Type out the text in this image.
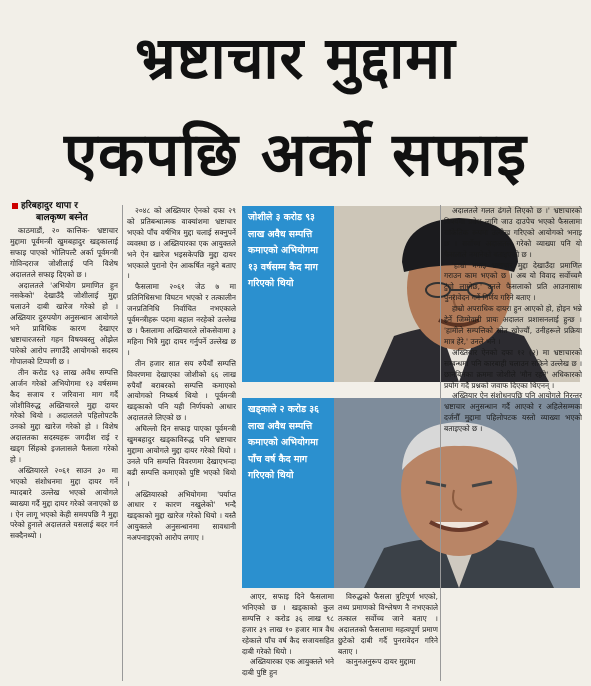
भ्रष्टाचार मुद्दामा
एकपछि अर्को सफाइ
हरिबहादुर थापा र
बालकृष्ण बस्नेत

काठमाडौं, २० कात्तिक- भ्रष्टाचार मुद्दामा पूर्वमन्त्री खुमबहादुर खड्कालाई सफाइ पाएको भोलिपल्टै अर्का पूर्वमन्त्री गोविन्दराज जोशीलाई पनि विशेष अदालतले सफाइ दिएको छ ।

अदालतले 'अभियोग प्रमाणित हुन नसकेको' देखाउँदै जोशीलाई मुद्दा चलाउने दाबी खारेज गरेको हो । अख्तियार दुरुपयोग अनुसन्धान आयोगले भने प्राविधिक कारण देखाएर भ्रष्टाचारजस्तो गहन विषयबस्तु ओझेल पारेको आरोप लगाउँदै आयोगको सदस्य गोपालको टिप्पणी छ ।

तीन करोड ९३ लाख अवैध सम्पत्ति आर्जन गरेको अभियोगमा १३ वर्षसम्म कैद सजाय र जरिवाना माग गर्दै जोशीविरुद्ध अख्तियारले मुद्दा दायर गरेको थियो । अदालतले पहिलोपटकै उनको मुद्दा खारेज गरेको हो । विशेष अदालतका सदस्यहरू जगदीश राई र खड्ग सिंहको इजलासले फैसला गरेको हो ।

अख्तियारले २०६१ साउन ३० मा भएको संशोधनमा मुद्दा दायर गर्ने म्यादबारे उल्लेख भएको आयोगले ब्याख्या गर्दै मुद्दा दायर गरेको जनाएको छ । ऐन लागू भएको केही समयपछि नै मुद्दा परेको हुनाले अदालतले यसलाई बदर गर्न सक्दैनथ्यो ।

२०४८ को अख्तियार ऐनको दफा २९ को प्रतिबन्धात्मक वाक्यांशमा भ्रष्टाचार भएको पाँच वर्षभित्र मुद्दा चलाई सक्नुपर्ने व्यवस्था छ । अख्तियारका एक आयुक्तले भने ऐन खारेज भइसकेपछि मुद्दा दायर भएकाले पुरानो ऐन आकर्षित नहुने बताए ।

फैसलामा २०६१ जेठ ७ मा प्रतिनिधिसभा विघटन भएको र तत्कालीन जनप्रतिनिधि निर्वाचित नभएकाले पूर्वमन्त्रीहरू पदमा बहाल नरहेको उल्लेख छ । फैसलामा अख्तियारले लोकसेवामा ३ महिना भित्रै मुद्दा दायर गर्नुपर्ने उल्लेख छ ।

तीन हजार सात सय रुपैयाँ सम्पत्ति विवरणमा देखाएका जोशीको ६६ लाख रुपैयाँ बराबरको सम्पत्ति कमाएको आयोगको निष्कर्ष थियो । पूर्वमन्त्री खड्काको पनि यही निर्णयको आधार अदालतले लिएको छ ।

अघिल्लो दिन सफाइ पाएका पूर्वमन्त्री खुमबहादुर खड्काविरुद्ध पनि भ्रष्टाचार मुद्दामा आयोगले मुद्दा दायर गरेको थियो । उनले पनि सम्पत्ति विवरणमा देखाएभन्दा बढी सम्पत्ति कमाएको पुष्टि भएको थियो ।

अख्तियारको अभियोगमा 'पर्याप्त आधार र कारण नखुलेको' भन्दै खड्काको मुद्दा खारेज गरेको थियो । यस्तै आयुक्तले अनुसन्धानमा सावधानी नअपनाइएको आरोप लगाए ।

जोशीले ३ करोड ९३ लाख अवैध सम्पत्ति कमाएको अभियोगमा १३ वर्षसम्म कैद माग गरिएको थियो
खड्काले २ करोड ३६ लाख अवैध सम्पत्ति कमाएको अभियोगमा पाँच वर्ष कैद माग गरिएको थियो

आएर, सफाइ दिने फैसलामा भनिएको छ । खड्काको कुल सम्पत्ति २ करोड ३६ लाख ९८ हजार ३९ लाख १० हजार मात्र वैध रहेकाले पाँच वर्ष कैद सजायसहित दाबी गरेको थियो ।

अख्तियारका एक आयुक्तले भने दाबी पुष्टि हुन

विरुद्धको फैसला त्रुटिपूर्ण भएको, तथ्य प्रमाणको विश्लेषण नै नभएकाले तत्काल सर्वोच्च जाने बताए । अदालतको फैसलामा महत्वपूर्ण प्रमाण छुटेको दाबी गर्दै पुनरावेदन गरिने बताए ।

कानुनअनुरूप दायर मुद्दामा

अदालतले गलत ढंगले लिएको छ ।' भ्रष्टाचारको विषयमा प्रवेश लागि जाउ दाउपेच भएको फैसलामा सांकेतिक रूपमा उल्लेख गरिएको आयोगको भनाइ छ । सर्वोच्च अदालतले गरेको व्याख्या पनि यो फैसलाले नमानेको बताइएको छ ।

'हाम्रो भनाइ भ्रष्टाचार मुद्दा देखाउँदा प्रमाणित गराउन काम भएको छ । अब यो विवाद सर्वोच्चमै टुंगो लाग्नेछ,' उनले फैसलाको प्रति आउनासाथ पुनरावेदन गर्ने निर्णय गरिने बताए ।

हाम्रो अपराधिक दायरा हुन आएको हो, होइन भन्ने हेर्ने जिम्मेवारी प्रायः अदालत प्रशासनलाई हुन्छ । 'हामीले सम्पत्तिको स्रोत खोज्यौं, उनीहरूले प्रक्रिया मात्र हेरे,' उनले भने ।

अख्तियार ऐनको दफा १२ (२) मा भ्रष्टाचारको सम्बन्धमा पनि कारबाही चलाउन सकिने उल्लेख छ । छानबिनका क्रममा जोशीले 'मौन रहने' अधिकारको प्रयोग गर्दै प्रश्नको जवाफ दिएका थिएनन् ।

अख्तियार ऐन संशोधनपछि पनि आयोगले निरन्तर भ्रष्टाचार अनुसन्धान गर्दै आएको र अहिलेसम्मका दर्जनौँ मुद्दामा पहिलोपटक यस्तो व्याख्या भएको बताइएको छ ।
